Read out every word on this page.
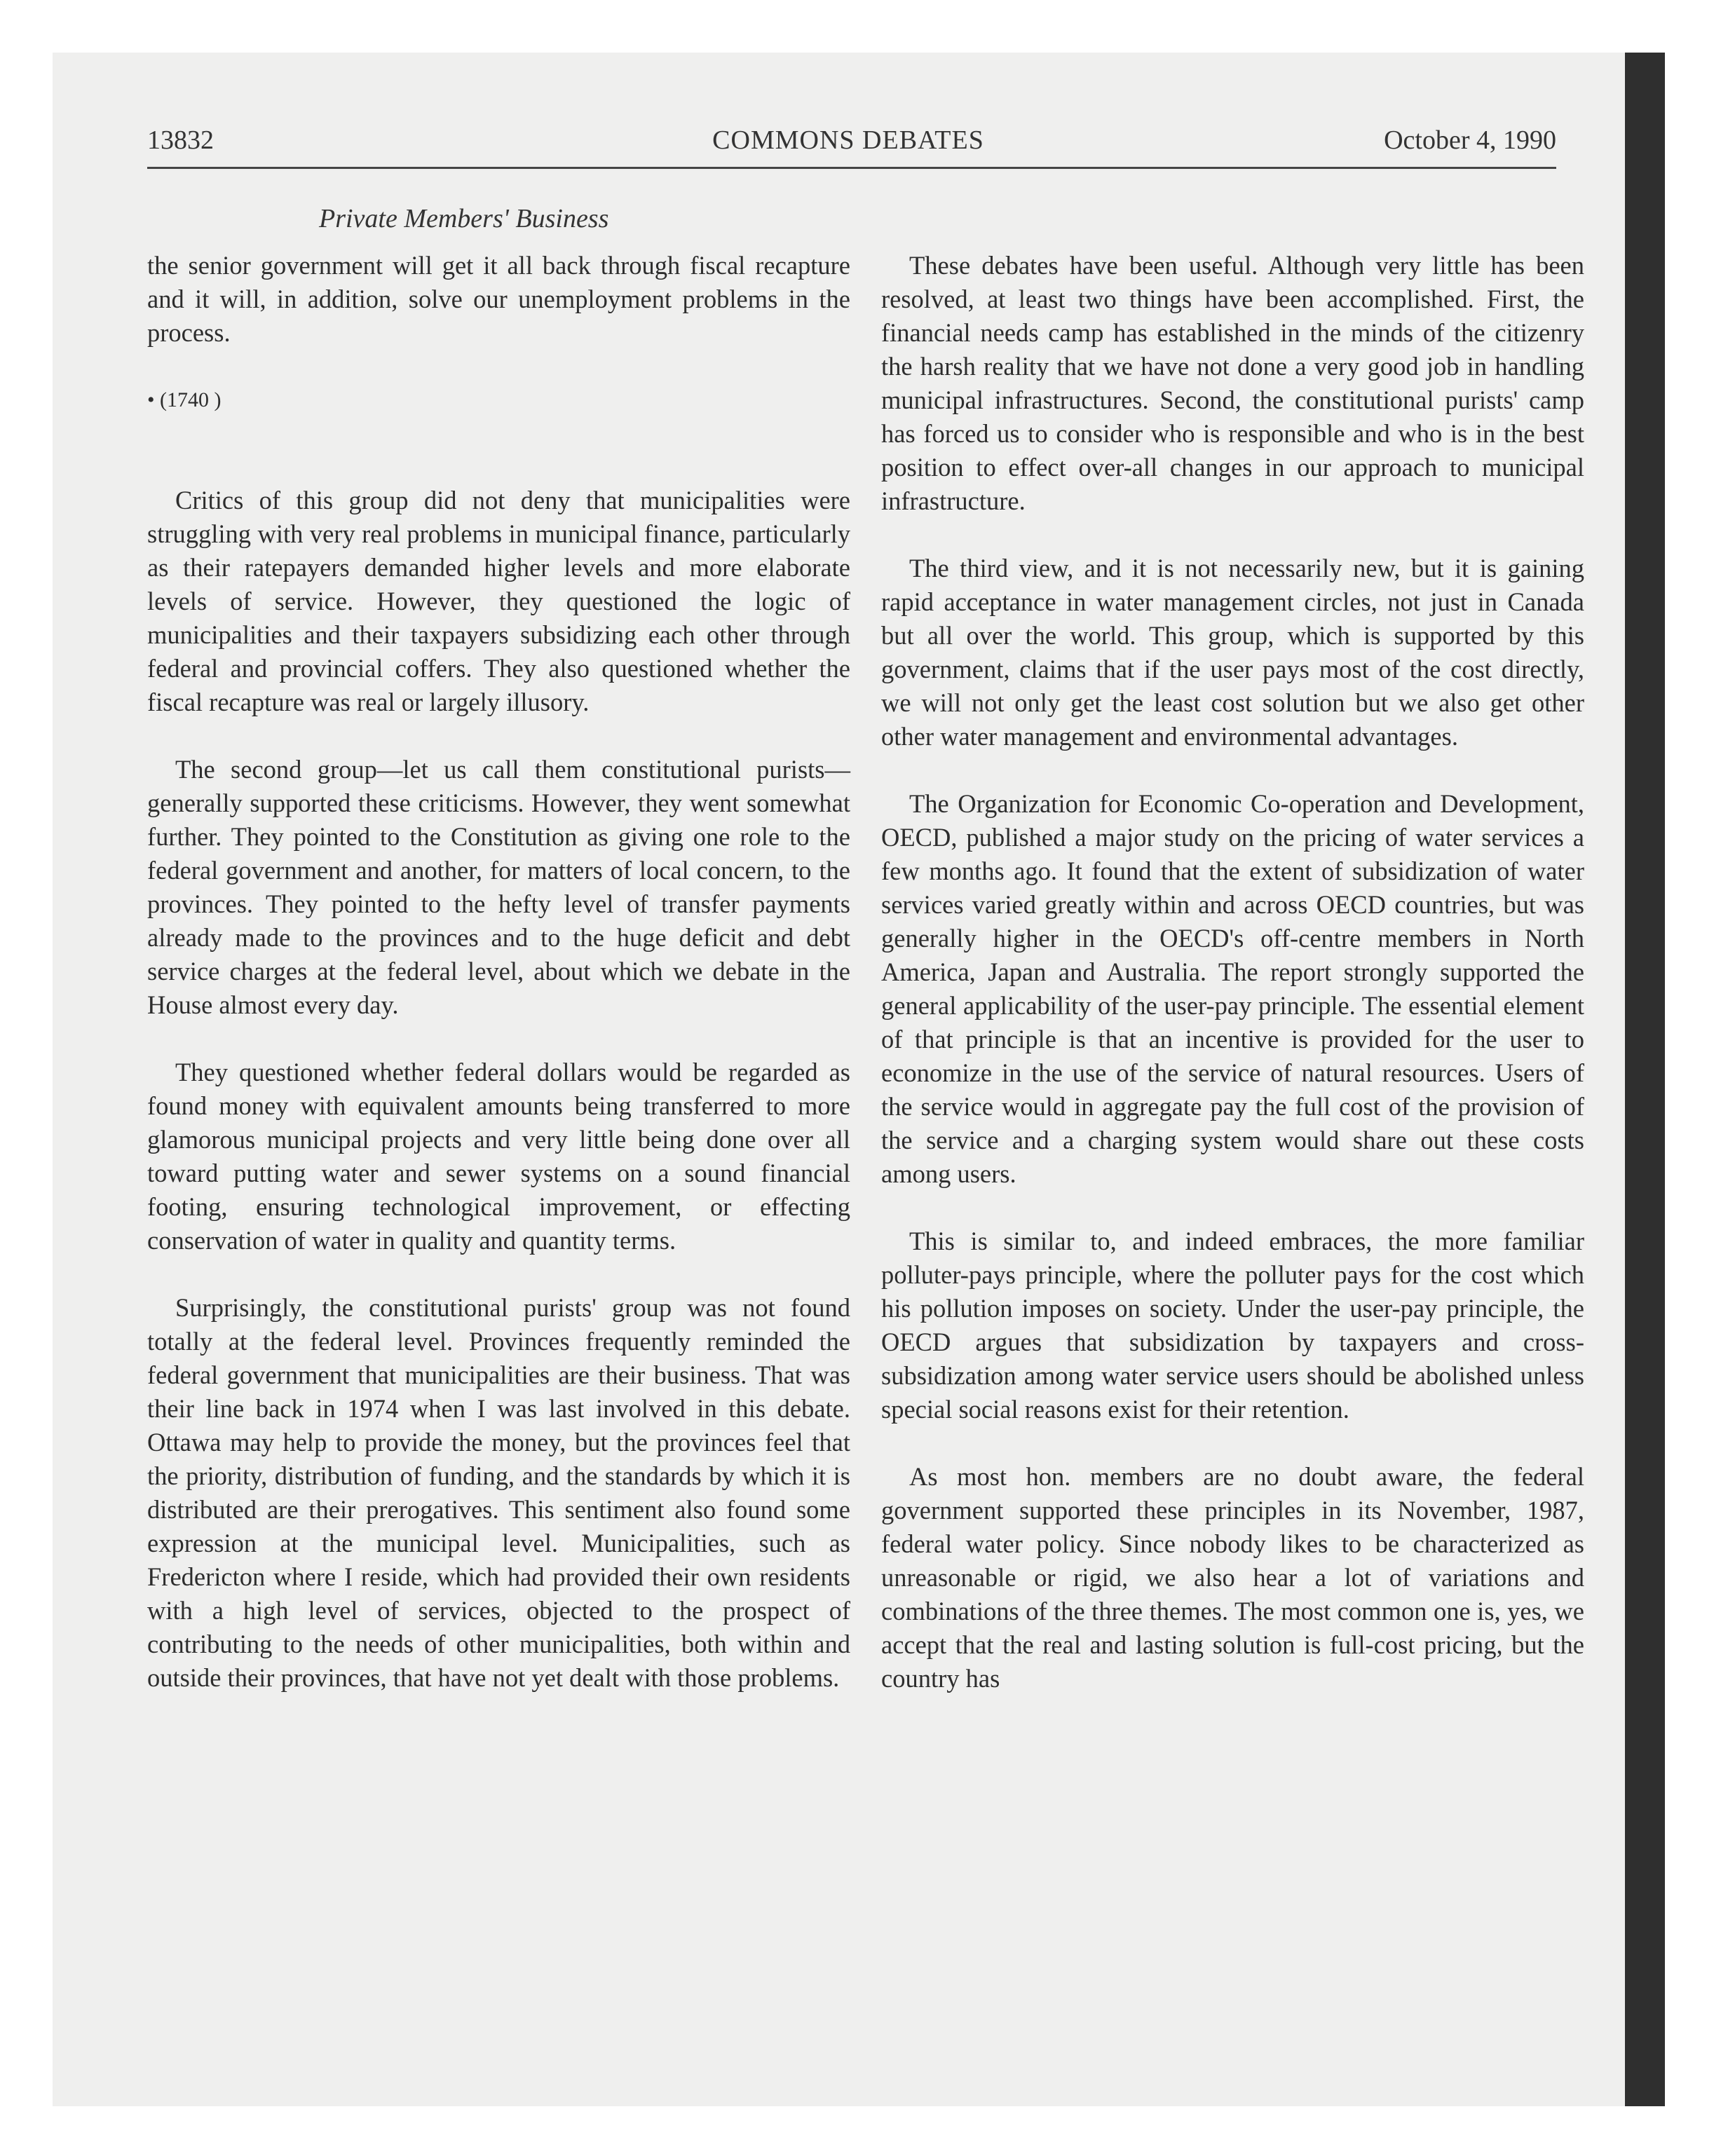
13832	COMMONS DEBATES	October 4, 1990
Private Members' Business

the senior government will get it all back through fiscal recapture and it will, in addition, solve our unemployment problems in the process.

• (1740 )

Critics of this group did not deny that municipalities were struggling with very real problems in municipal finance, particularly as their ratepayers demanded higher levels and more elaborate levels of service. However, they questioned the logic of municipalities and their taxpayers subsidizing each other through federal and provincial coffers. They also questioned whether the fiscal recapture was real or largely illusory.

The second group—let us call them constitutional purists—generally supported these criticisms. However, they went somewhat further. They pointed to the Constitution as giving one role to the federal government and another, for matters of local concern, to the provinces. They pointed to the hefty level of transfer payments already made to the provinces and to the huge deficit and debt service charges at the federal level, about which we debate in the House almost every day.

They questioned whether federal dollars would be regarded as found money with equivalent amounts being transferred to more glamorous municipal projects and very little being done over all toward putting water and sewer systems on a sound financial footing, ensuring technological improvement, or effecting conservation of water in quality and quantity terms.

Surprisingly, the constitutional purists' group was not found totally at the federal level. Provinces frequently reminded the federal government that municipalities are their business. That was their line back in 1974 when I was last involved in this debate. Ottawa may help to provide the money, but the provinces feel that the priority, distribution of funding, and the standards by which it is distributed are their prerogatives. This sentiment also found some expression at the municipal level. Municipalities, such as Fredericton where I reside, which had provided their own residents with a high level of services, objected to the prospect of contributing to the needs of other municipalities, both within and outside their provinces, that have not yet dealt with those problems.

These debates have been useful. Although very little has been resolved, at least two things have been accomplished. First, the financial needs camp has established in the minds of the citizenry the harsh reality that we have not done a very good job in handling municipal infrastructures. Second, the constitutional purists' camp has forced us to consider who is responsible and who is in the best position to effect over-all changes in our approach to municipal infrastructure.

The third view, and it is not necessarily new, but it is gaining rapid acceptance in water management circles, not just in Canada but all over the world. This group, which is supported by this government, claims that if the user pays most of the cost directly, we will not only get the least cost solution but we also get other other water management and environmental advantages.

The Organization for Economic Co-operation and Development, OECD, published a major study on the pricing of water services a few months ago. It found that the extent of subsidization of water services varied greatly within and across OECD countries, but was generally higher in the OECD's off-centre members in North America, Japan and Australia. The report strongly supported the general applicability of the user-pay principle. The essential element of that principle is that an incentive is provided for the user to economize in the use of the service of natural resources. Users of the service would in aggregate pay the full cost of the provision of the service and a charging system would share out these costs among users.

This is similar to, and indeed embraces, the more familiar polluter-pays principle, where the polluter pays for the cost which his pollution imposes on society. Under the user-pay principle, the OECD argues that subsidization by taxpayers and cross-subsidization among water service users should be abolished unless special social reasons exist for their retention.

As most hon. members are no doubt aware, the federal government supported these principles in its November, 1987, federal water policy. Since nobody likes to be characterized as unreasonable or rigid, we also hear a lot of variations and combinations of the three themes. The most common one is, yes, we accept that the real and lasting solution is full-cost pricing, but the country has
